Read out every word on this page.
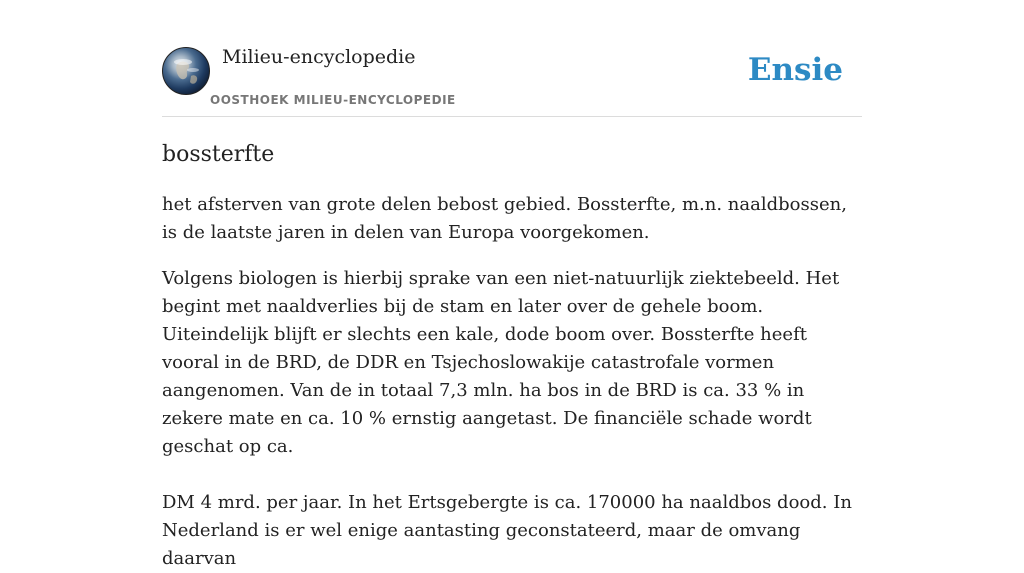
Milieu-encyclopedie
OOSTHOEK MILIEU-ENCYCLOPEDIE
Ensie
bossterfte

het afsterven van grote delen bebost gebied. Bossterfte, m.n. naaldbossen, is de laatste jaren in delen van Europa voorgekomen.

Volgens biologen is hierbij sprake van een niet-natuurlijk ziektebeeld. Het begint met naaldverlies bij de stam en later over de gehele boom. Uiteindelijk blijft er slechts een kale, dode boom over. Bossterfte heeft vooral in de BRD, de DDR en Tsjechoslowakije catastrofale vormen aangenomen. Van de in totaal 7,3 mln. ha bos in de BRD is ca. 33 % in zekere mate en ca. 10 % ernstig aangetast. De financiële schade wordt geschat op ca.

DM 4 mrd. per jaar. In het Ertsgebergte is ca. 170000 ha naaldbos dood. In Nederland is er wel enige aantasting geconstateerd, maar de omvang daarvan
